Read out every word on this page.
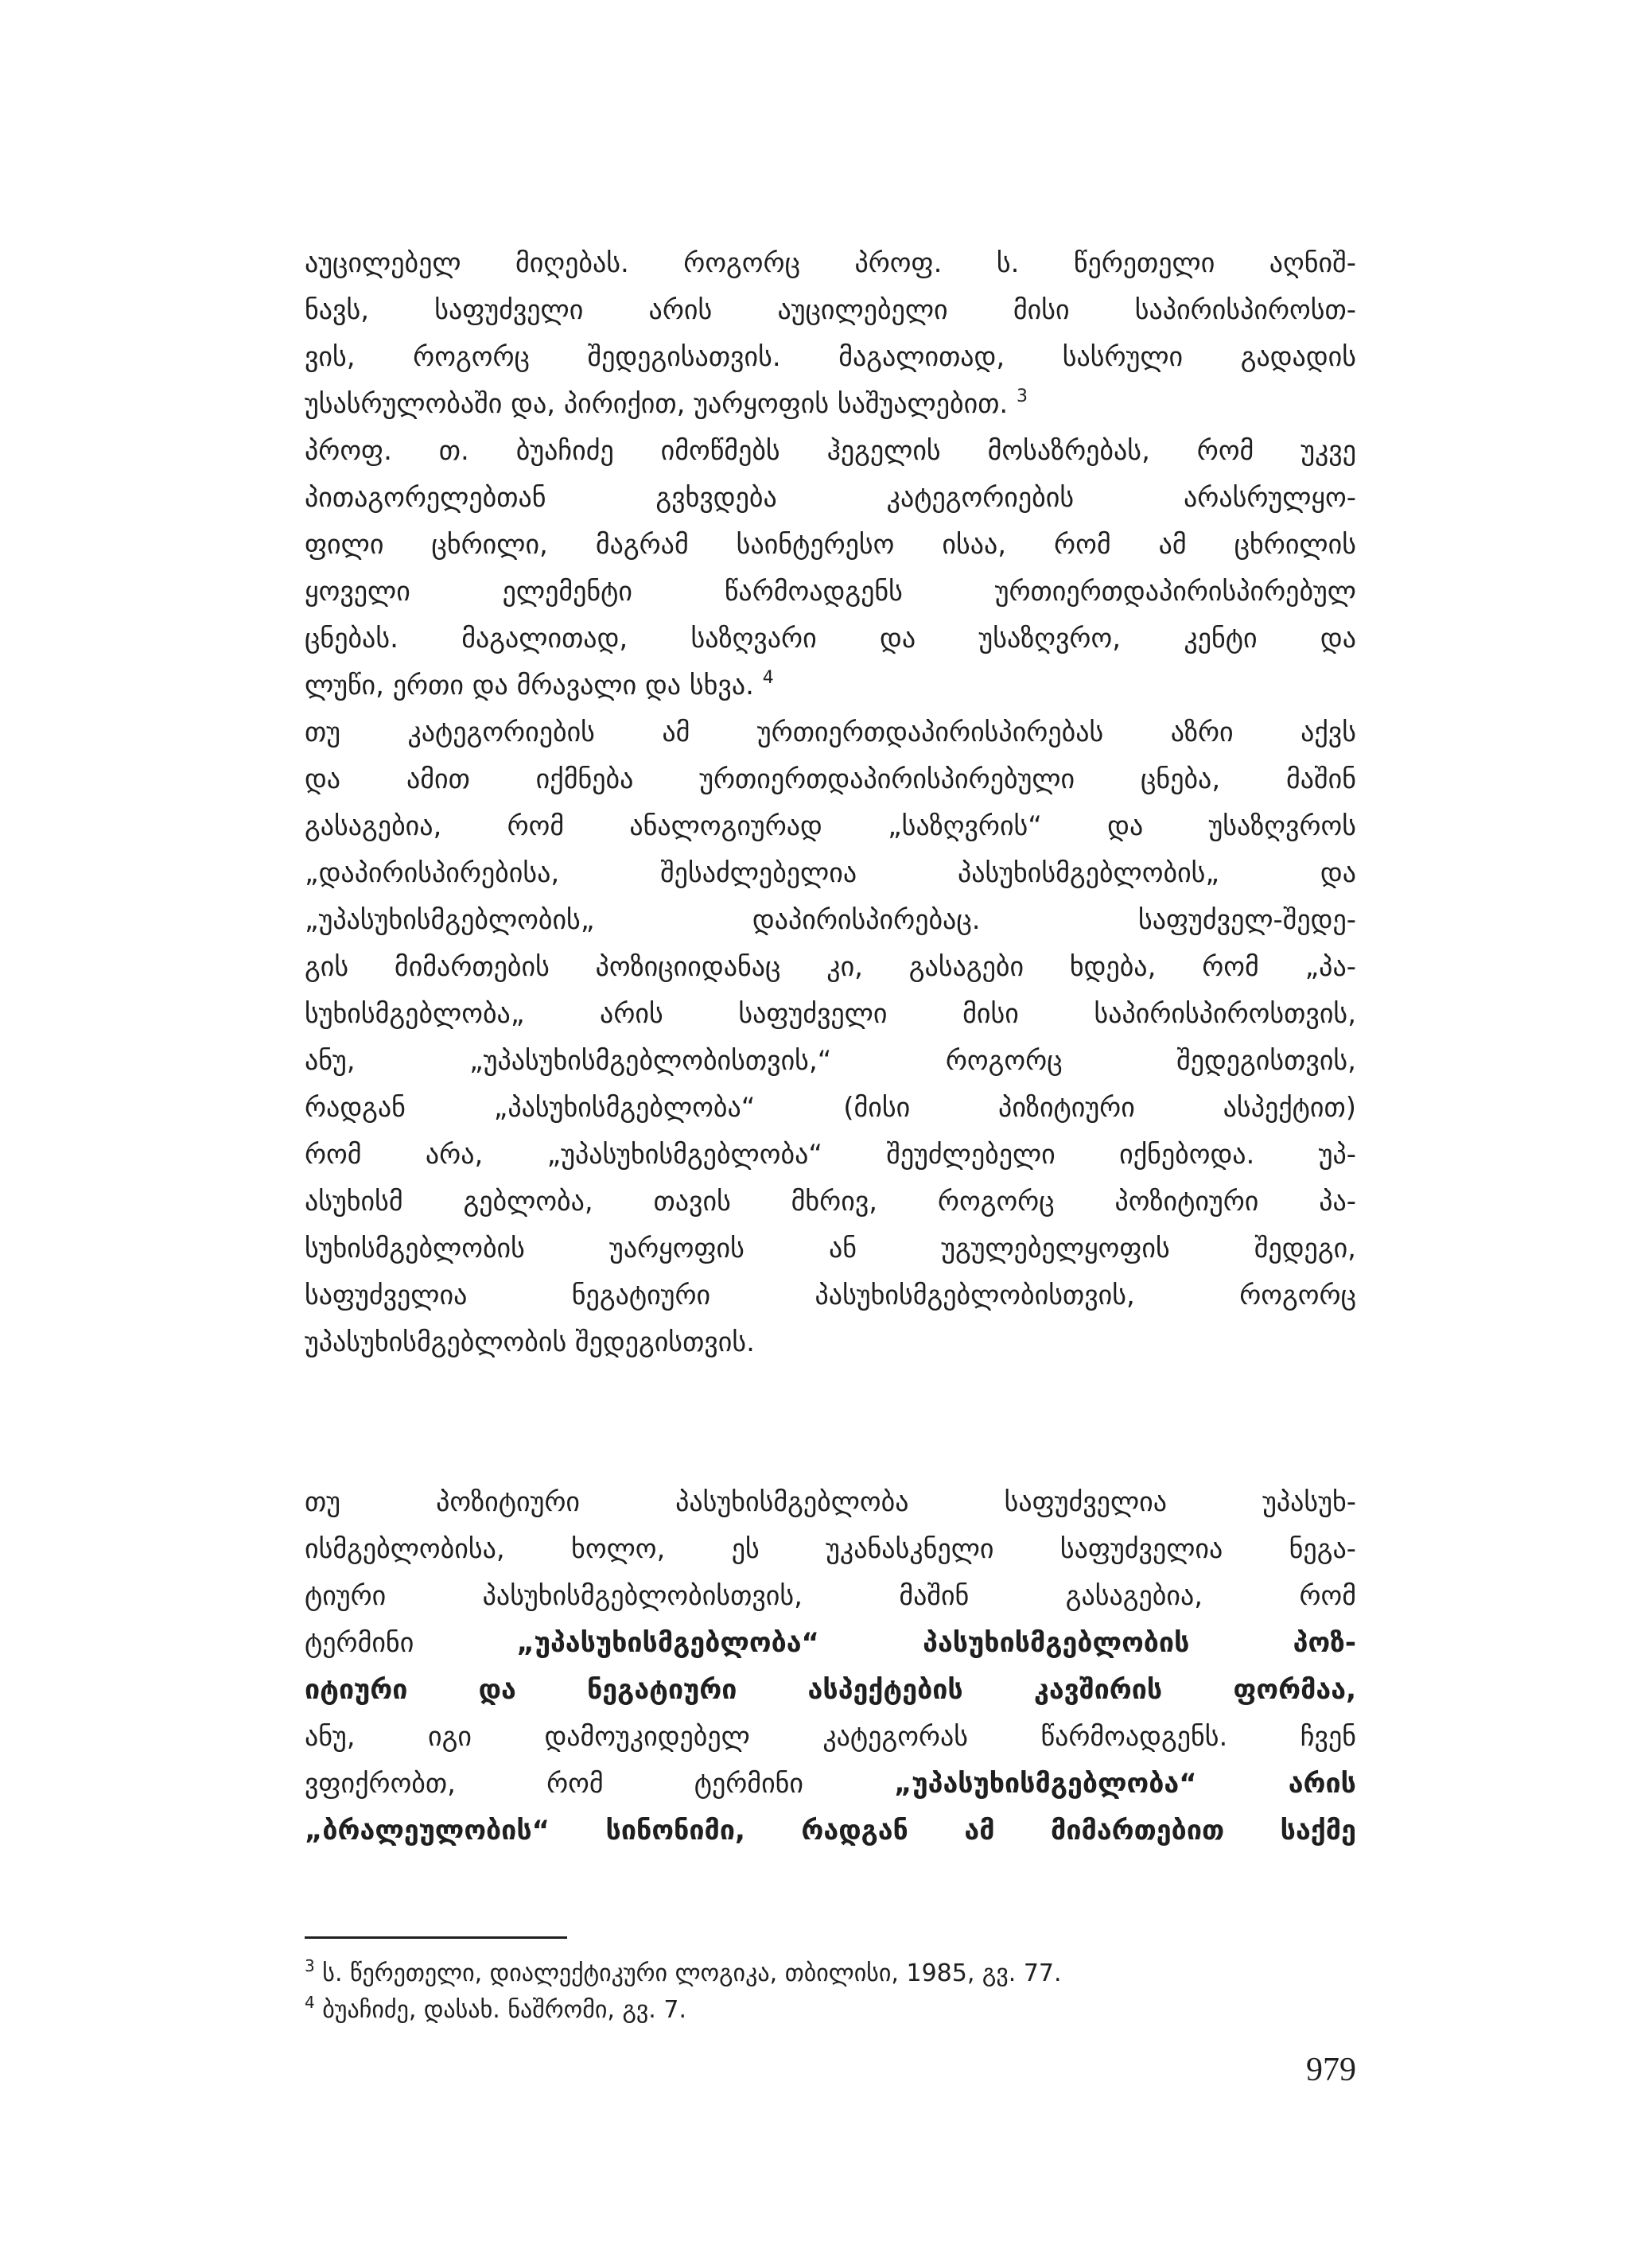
აუცილებელ მიღებას. როგორც პროფ. ს. წერეთელი აღნიშ-
ნავს, საფუძველი არის აუცილებელი მისი საპირისპიროსთ-
ვის, როგორც შედეგისათვის. მაგალითად, სასრული გადადის
უსასრულობაში და, პირიქით, უარყოფის საშუალებით. $^3$
პროფ. თ. ბუაჩიძე იმოწმებს ჰეგელის მოსაზრებას, რომ უკვე
პითაგორელებთან გვხვდება კატეგორიების არასრულყო-
ფილი ცხრილი, მაგრამ საინტერესო ისაა, რომ ამ ცხრილის
ყოველი ელემენტი წარმოადგენს ურთიერთდაპირისპირებულ
ცნებას. მაგალითად, საზღვარი და უსაზღვრო, კენტი და
ლუწი, ერთი და მრავალი და სხვა. $^4$
თუ კატეგორიების ამ ურთიერთდაპირისპირებას აზრი აქვს
და ამით იქმნება ურთიერთდაპირისპირებული ცნება, მაშინ
გასაგებია, რომ ანალოგიურად „საზღვრის“ და უსაზღვროს
„დაპირისპირებისა, შესაძლებელია პასუხისმგებლობის„ და
„უპასუხისმგებლობის„ დაპირისპირებაც. საფუძველ-შედე-
გის მიმართების პოზიციიდანაც კი, გასაგები ხდება, რომ „პა-
სუხისმგებლობა„ არის საფუძველი მისი საპირისპიროსთვის,
ანუ, „უპასუხისმგებლობისთვის,“ როგორც შედეგისთვის,
რადგან „პასუხისმგებლობა“ (მისი პიზიტიური ასპექტით)
რომ არა, „უპასუხისმგებლობა“ შეუძლებელი იქნებოდა. უპ-
ასუხისმ გებლობა, თავის მხრივ, როგორც პოზიტიური პა-
სუხისმგებლობის უარყოფის ან უგულებელყოფის შედეგი,
საფუძველია ნეგატიური პასუხისმგებლობისთვის, როგორც
უპასუხისმგებლობის შედეგისთვის.
თუ პოზიტიური პასუხისმგებლობა საფუძველია უპასუხ-
ისმგებლობისა, ხოლო, ეს უკანასკნელი საფუძველია ნეგა-
ტიური პასუხისმგებლობისთვის, მაშინ გასაგებია, რომ
ტერმინი „უპასუხისმგებლობა“ პასუხისმგებლობის პოზ-
იტიური და ნეგატიური ასპექტების კავშირის ფორმაა,
ანუ, იგი დამოუკიდებელ კატეგორას წარმოადგენს. ჩვენ
ვფიქრობთ, რომ ტერმინი „უპასუხისმგებლობა“ არის
„ბრალეულობის“ სინონიმი, რადგან ამ მიმართებით საქმე
$^3$ ს. წერეთელი, დიალექტიკური ლოგიკა, თბილისი, 1985, გვ. 77.
$^4$ ბუაჩიძე, დასახ. ნაშრომი, გვ. 7.
979
